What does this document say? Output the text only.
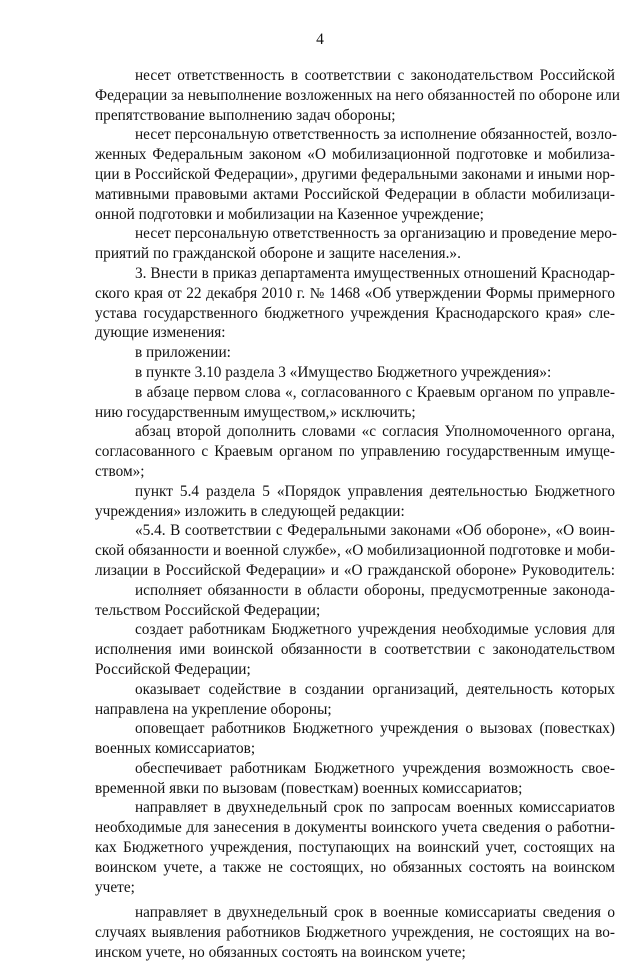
4

несет ответственность в соответствии с законодательством Российской

Федерации за невыполнение возложенных на него обязанностей по обороне или

препятствование выполнению задач обороны;

несет персональную ответственность за исполнение обязанностей, возло-

женных Федеральным законом «О мобилизационной подготовке и мобилиза-

ции в Российской Федерации», другими федеральными законами и иными нор-

мативными правовыми актами Российской Федерации в области мобилизаци-

онной подготовки и мобилизации на Казенное учреждение;

несет персональную ответственность за организацию и проведение меро-

приятий по гражданской обороне и защите населения.».

3. Внести в приказ департамента имущественных отношений Краснодар-

ского края от 22 декабря 2010 г. № 1468 «Об утверждении Формы примерного

устава государственного бюджетного учреждения Краснодарского края» сле-

дующие изменения:

в приложении:

в пункте 3.10 раздела 3 «Имущество Бюджетного учреждения»:

в абзаце первом слова «, согласованного с Краевым органом по управле-

нию государственным имуществом,» исключить;

абзац второй дополнить словами «с согласия Уполномоченного органа,

согласованного с Краевым органом по управлению государственным имуще-

ством»;

пункт 5.4 раздела 5 «Порядок управления деятельностью Бюджетного

учреждения» изложить в следующей редакции:

«5.4. В соответствии с Федеральными законами «Об обороне», «О воин-

ской обязанности и военной службе», «О мобилизационной подготовке и моби-

лизации в Российской Федерации» и «О гражданской обороне» Руководитель:

исполняет обязанности в области обороны, предусмотренные законода-

тельством Российской Федерации;

создает работникам Бюджетного учреждения необходимые условия для

исполнения ими воинской обязанности в соответствии с законодательством

Российской Федерации;

оказывает содействие в создании организаций, деятельность которых

направлена на укрепление обороны;

оповещает работников Бюджетного учреждения о вызовах (повестках)

военных комиссариатов;

обеспечивает работникам Бюджетного учреждения возможность свое-

временной явки по вызовам (повесткам) военных комиссариатов;

направляет в двухнедельный срок по запросам военных комиссариатов

необходимые для занесения в документы воинского учета сведения о работни-

ках Бюджетного учреждения, поступающих на воинский учет, состоящих на

воинском учете, а также не состоящих, но обязанных состоять на воинском

учете;

направляет в двухнедельный срок в военные комиссариаты сведения о

случаях выявления работников Бюджетного учреждения, не состоящих на во-

инском учете, но обязанных состоять на воинском учете;
